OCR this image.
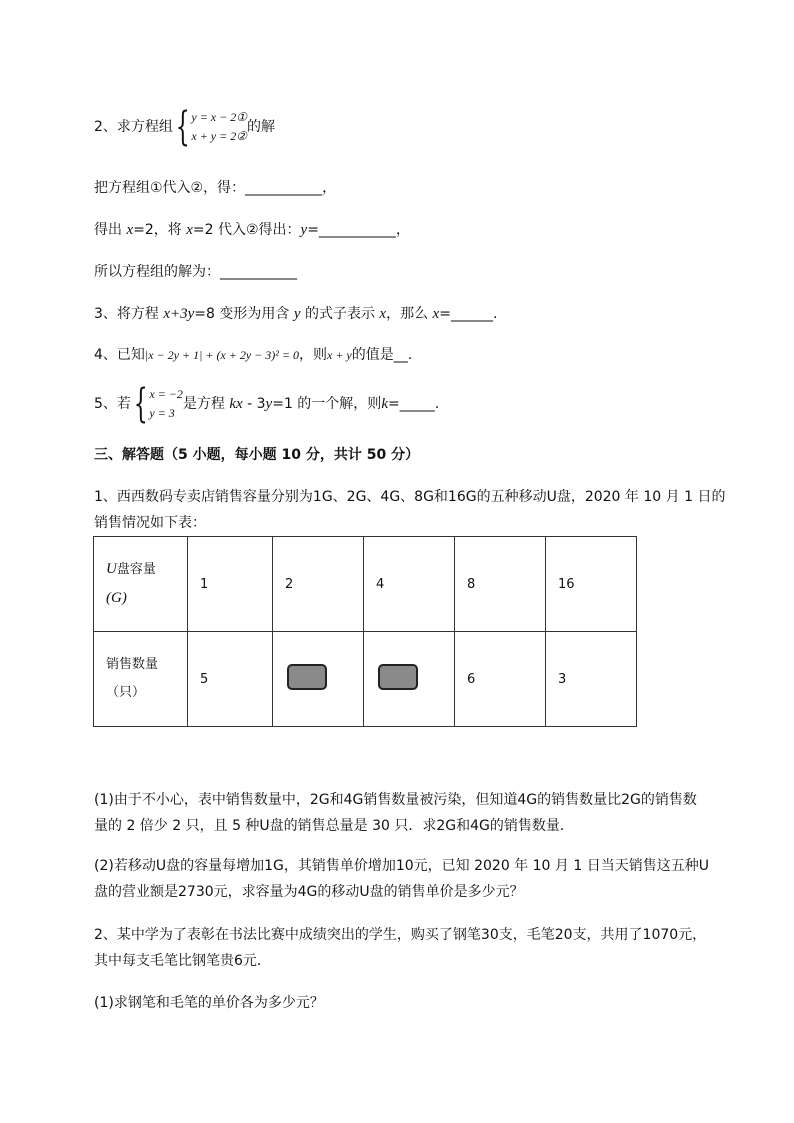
2、求方程组{ y = x − 2①
x + y = 2②
的解
把方程组①代入②，得：___________，
得出 x=2，将 x=2 代入②得出：y=___________，
所以方程组的解为：___________
3、将方程 x+3y=8 变形为用含 y 的式子表示 x，那么 x=______.
4、已知|x − 2y + 1| + (x + 2y − 3)² = 0，则x + y的值是__.
5、若{ x = −2
y = 3
是方程 kx - 3y=1 的一个解，则k=_____.
三、解答题（5 小题，每小题 10 分，共计 50 分）
1、西西数码专卖店销售容量分别为1G、2G、4G、8G和16G的五种移动U盘，2020 年 10 月 1 日的
销售情况如下表：
U盘容量
(G)	1	2	4	8	16

销售数量
（只）	5			6	3
(1)由于不小心，表中销售数量中，2G和4G销售数量被污染，但知道4G的销售数量比2G的销售数
量的 2 倍少 2 只，且 5 种U盘的销售总量是 30 只．求2G和4G的销售数量．
(2)若移动U盘的容量每增加1G，其销售单价增加10元，已知 2020 年 10 月 1 日当天销售这五种U
盘的营业额是2730元，求容量为4G的移动U盘的销售单价是多少元？
2、某中学为了表彰在书法比赛中成绩突出的学生，购买了钢笔30支，毛笔20支，共用了1070元，
其中每支毛笔比钢笔贵6元．
(1)求钢笔和毛笔的单价各为多少元？
